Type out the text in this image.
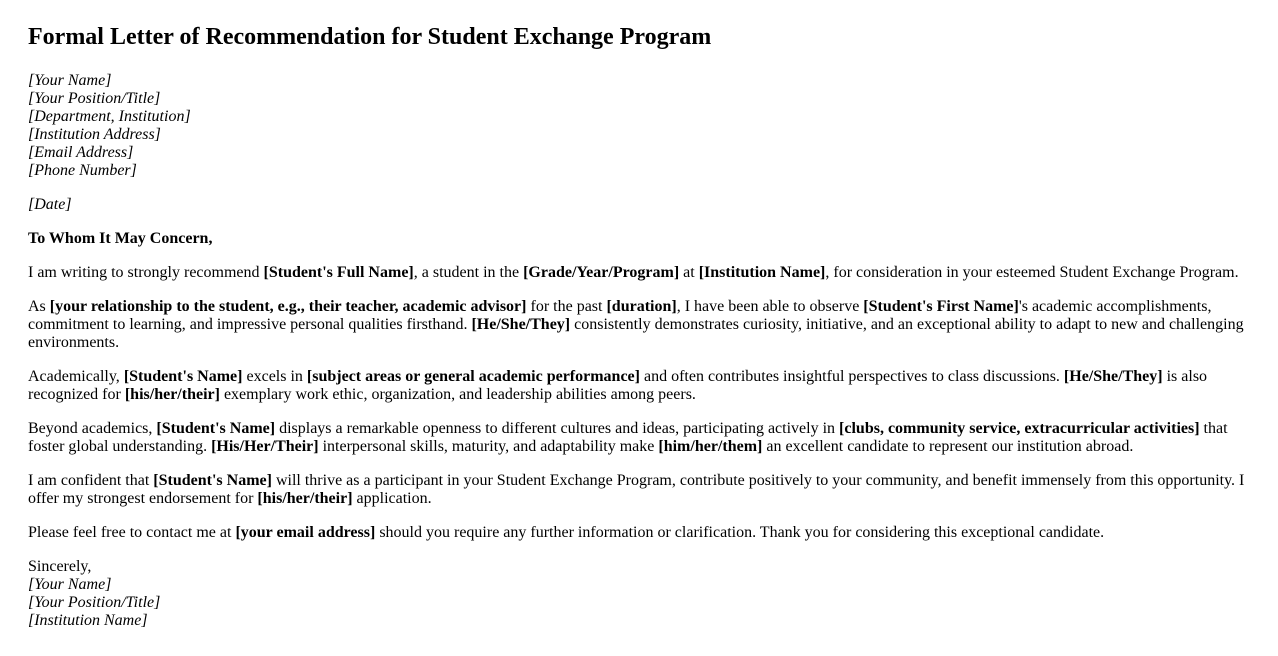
Formal Letter of Recommendation for Student Exchange Program

[Your Name]
[Your Position/Title]
[Department, Institution]
[Institution Address]
[Email Address]
[Phone Number]

[Date]

To Whom It May Concern,

I am writing to strongly recommend [Student's Full Name], a student in the [Grade/Year/Program] at [Institution Name], for consideration in your esteemed Student Exchange Program.

As [your relationship to the student, e.g., their teacher, academic advisor] for the past [duration], I have been able to observe [Student's First Name]'s academic accomplishments, commitment to learning, and impressive personal qualities firsthand. [He/She/They] consistently demonstrates curiosity, initiative, and an exceptional ability to adapt to new and challenging environments.

Academically, [Student's Name] excels in [subject areas or general academic performance] and often contributes insightful perspectives to class discussions. [He/She/They] is also recognized for [his/her/their] exemplary work ethic, organization, and leadership abilities among peers.

Beyond academics, [Student's Name] displays a remarkable openness to different cultures and ideas, participating actively in [clubs, community service, extracurricular activities] that foster global understanding. [His/Her/Their] interpersonal skills, maturity, and adaptability make [him/her/them] an excellent candidate to represent our institution abroad.

I am confident that [Student's Name] will thrive as a participant in your Student Exchange Program, contribute positively to your community, and benefit immensely from this opportunity. I offer my strongest endorsement for [his/her/their] application.

Please feel free to contact me at [your email address] should you require any further information or clarification. Thank you for considering this exceptional candidate.

Sincerely,
[Your Name]
[Your Position/Title]
[Institution Name]
